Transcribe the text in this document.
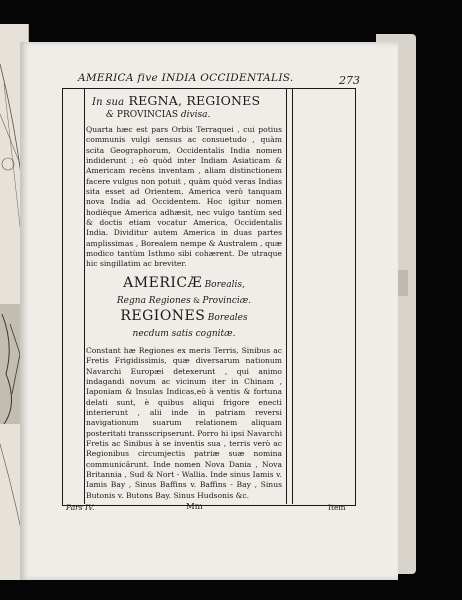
AMERICA five INDIA OCCIDENTALIS.	273
In sua REGNA, REGIONES
& PROVINCIAS divisa.

Quarta hæc est pars Orbis Terraquei , cui potius communis vulgi sensus ac consuetudo , quàm scita Geographorum, Occidentalis India nomen indiderunt ; eò quòd inter Indiam Asiaticam & Americam recèns inventam , aliam distinctionem facere vulgus non potuit , quàm quòd veras Indias sita esset ad Orientem, America verò tanquam nova India ad Occidentem. Hoc igitur nomen hodièque America adhæsit, nec vulgo tantùm sed & doctis etiam vocatur America, Occidentalis India. Dividitur autem America in duas partes amplissimas , Borealem nempe & Australem , quæ modico tantùm Isthmo sibi cohærent. De utraque hic singillatim ac breviter.

AMERICÆ Borealis,
Regna Regiones & Provinciæ.
REGIONES Boreales
necdum satis cognitæ.

Constant hæ Regiones ex meris Terris, Sinibus ac Fretis Frigidissimis, quæ diversarum nationum Navarchi Europæi detexerunt , qui animo indagandi novum ac vicinum iter in Chinam , Iaponiam & Insulas Indicas,eò à ventis & fortuna delati sunt, è quibus aliqui frigore enecti interierunt , alii inde in patriam reversi navigationum suarum relationem aliquam posteritati transscripserunt. Porro hi ipsi Navarchi Fretis ac Sinibus à se inventis sua , terris verò ac Regionibus circumjectis patriæ suæ nomina communicârunt. Inde nomen Nova Dania , Nova Britannia , Sud & Nort - Wallia. Inde sinus Iamis v. Iamis Bay , Sinus Baffins v. Baffins - Bay , Sinus Butonis v. Butons Bay. Sinus Hudsonis &c.

Pars IV.	Mm	Item
